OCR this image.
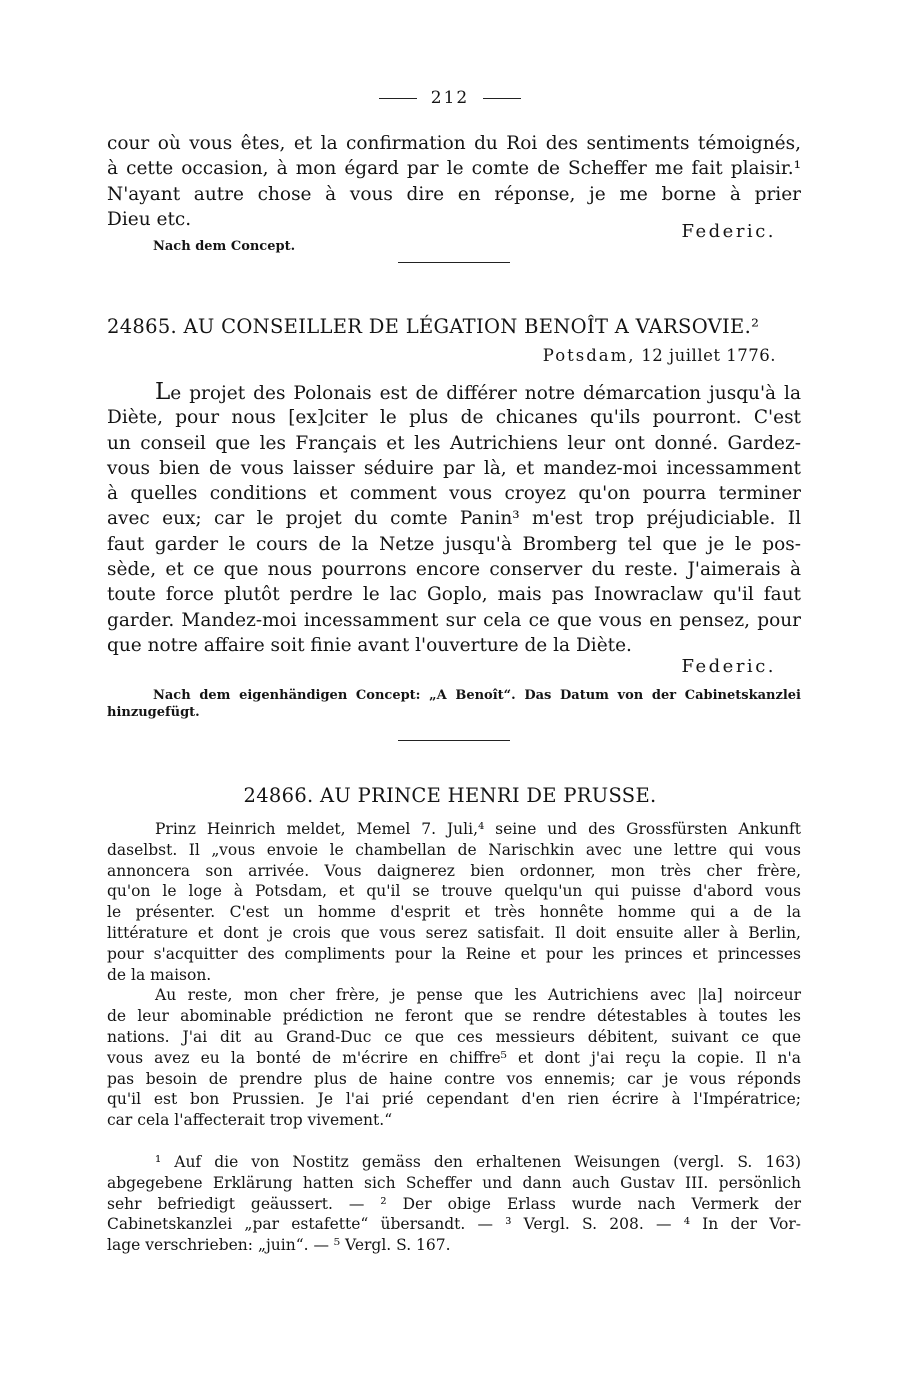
212
cour où vous êtes, et la confirmation du Roi des sentiments témoignés,
à cette occasion, à mon égard par le comte de Scheffer me fait plaisir.¹
N'ayant autre chose à vous dire en réponse, je me borne à prier
Dieu etc.
Federic.
Nach dem Concept.
24865. AU CONSEILLER DE LÉGATION BENOÎT A VARSOVIE.²
Potsdam, 12 juillet 1776.
Le projet des Polonais est de différer notre démarcation jusqu'à la
Diète, pour nous [ex]citer le plus de chicanes qu'ils pourront. C'est
un conseil que les Français et les Autrichiens leur ont donné. Gardez-
vous bien de vous laisser séduire par là, et mandez-moi incessamment
à quelles conditions et comment vous croyez qu'on pourra terminer
avec eux; car le projet du comte Panin³ m'est trop préjudiciable. Il
faut garder le cours de la Netze jusqu'à Bromberg tel que je le pos-
sède, et ce que nous pourrons encore conserver du reste. J'aimerais à
toute force plutôt perdre le lac Goplo, mais pas Inowraclaw qu'il faut
garder. Mandez-moi incessamment sur cela ce que vous en pensez, pour
que notre affaire soit finie avant l'ouverture de la Diète.
Federic.
Nach dem eigenhändigen Concept: „A Benoît“. Das Datum von der Cabinetskanzlei
hinzugefügt.
24866. AU PRINCE HENRI DE PRUSSE.
Prinz Heinrich meldet, Memel 7. Juli,⁴ seine und des Grossfürsten Ankunft
daselbst. Il „vous envoie le chambellan de Narischkin avec une lettre qui vous
annoncera son arrivée. Vous daignerez bien ordonner, mon très cher frère,
qu'on le loge à Potsdam, et qu'il se trouve quelqu'un qui puisse d'abord vous
le présenter. C'est un homme d'esprit et très honnête homme qui a de la
littérature et dont je crois que vous serez satisfait. Il doit ensuite aller à Berlin,
pour s'acquitter des compliments pour la Reine et pour les princes et princesses
de la maison.
Au reste, mon cher frère, je pense que les Autrichiens avec |la] noirceur
de leur abominable prédiction ne feront que se rendre détestables à toutes les
nations. J'ai dit au Grand-Duc ce que ces messieurs débitent, suivant ce que
vous avez eu la bonté de m'écrire en chiffre⁵ et dont j'ai reçu la copie. Il n'a
pas besoin de prendre plus de haine contre vos ennemis; car je vous réponds
qu'il est bon Prussien. Je l'ai prié cependant d'en rien écrire à l'Impératrice;
car cela l'affecterait trop vivement.“
¹ Auf die von Nostitz gemäss den erhaltenen Weisungen (vergl. S. 163)
abgegebene Erklärung hatten sich Scheffer und dann auch Gustav III. persönlich
sehr befriedigt geäussert. — ² Der obige Erlass wurde nach Vermerk der
Cabinetskanzlei „par estafette“ übersandt. — ³ Vergl. S. 208. — ⁴ In der Vor-
lage verschrieben: „juin“. — ⁵ Vergl. S. 167.
